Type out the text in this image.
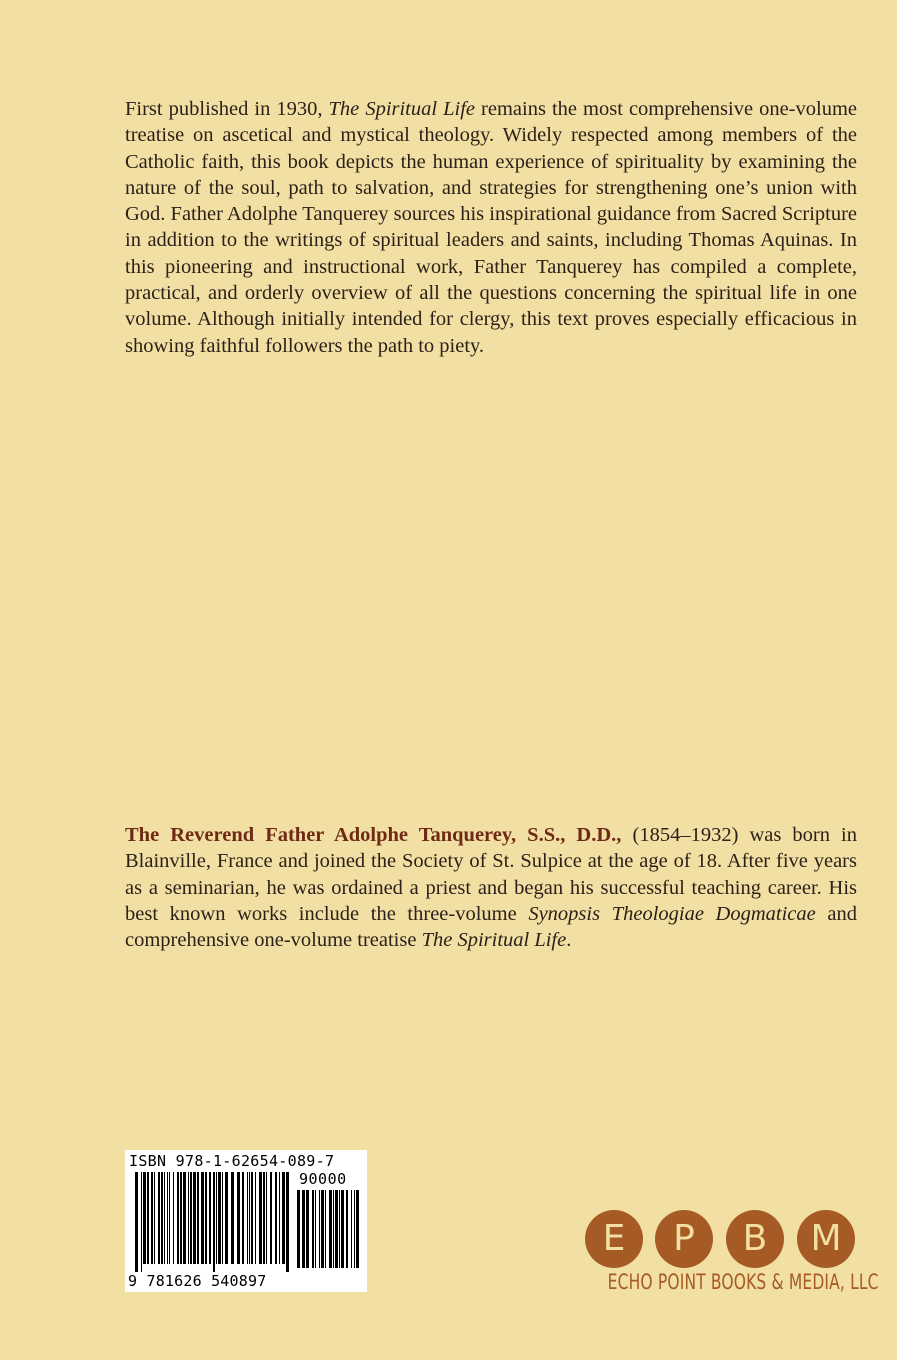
First published in 1930, The Spiritual Life remains the most comprehensive one-volume treatise on ascetical and mystical theology. Widely respected among members of the Catholic faith, this book depicts the human experience of spirituality by examining the nature of the soul, path to salvation, and strategies for strengthening one’s union with God. Father Adolphe Tanquerey sources his inspirational guidance from Sacred Scripture in addition to the writings of spiritual leaders and saints, including Thomas Aquinas. In this pioneering and instructional work, Father Tanquerey has compiled a complete, practical, and orderly overview of all the questions concerning the spiritual life in one volume. Although initially intended for clergy, this text proves especially efficacious in showing faithful followers the path to piety.
The Reverend Father Adolphe Tanquerey, S.S., D.D., (1854–1932) was born in Blainville, France and joined the Society of St. Sulpice at the age of 18. After five years as a seminarian, he was ordained a priest and began his successful teaching career. His best known works include the three-volume Synopsis Theologiae Dogmaticae and comprehensive one-volume treatise The Spiritual Life.
ISBN 978-1-62654-089-7
90000
9 781626 540897
E	P	B	M
ECHO POINT BOOKS & MEDIA, LLC
